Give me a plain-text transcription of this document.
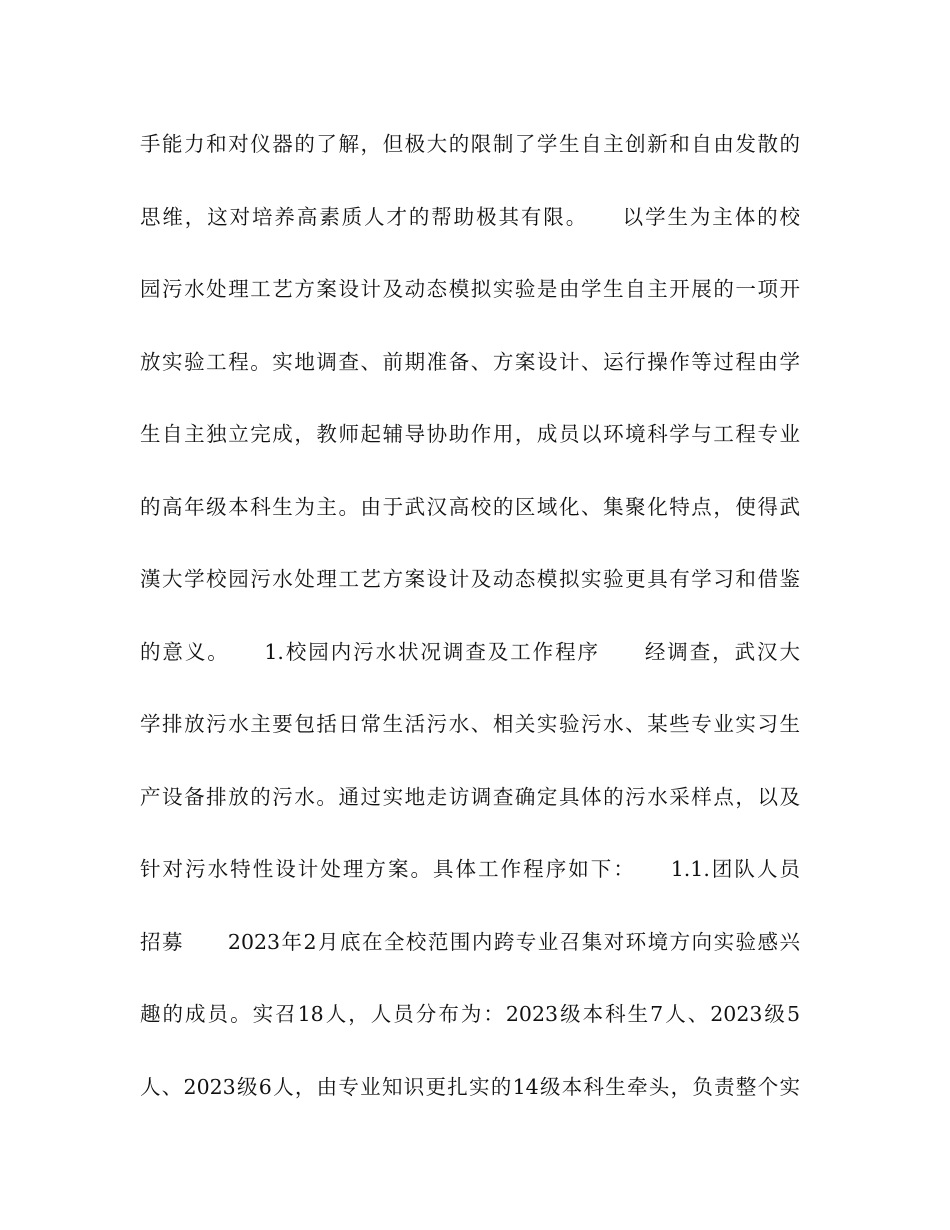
手能力和对仪器的了解，但极大的限制了学生自主创新和自由发散的
思维，这对培养高素质人才的帮助极其有限。　　以学生为主体的校
园污水处理工艺方案设计及动态模拟实验是由学生自主开展的一项开
放实验工程。实地调查、前期准备、方案设计、运行操作等过程由学
生自主独立完成，教师起辅导协助作用，成员以环境科学与工程专业
的高年级本科生为主。由于武汉高校的区域化、集聚化特点，使得武
漢大学校园污水处理工艺方案设计及动态模拟实验更具有学习和借鉴
的意义。　　1.校园内污水状况调查及工作程序　　经调查，武汉大
学排放污水主要包括日常生活污水、相关实验污水、某些专业实习生
产设备排放的污水。通过实地走访调查确定具体的污水采样点，以及
针对污水特性设计处理方案。具体工作程序如下：　　1.1.团队人员
招募　　2023年2月底在全校范围内跨专业召集对环境方向实验感兴
趣的成员。实召18人，人员分布为：2023级本科生7人、2023级5
人、2023级6人，由专业知识更扎实的14级本科生牵头，负责整个实
